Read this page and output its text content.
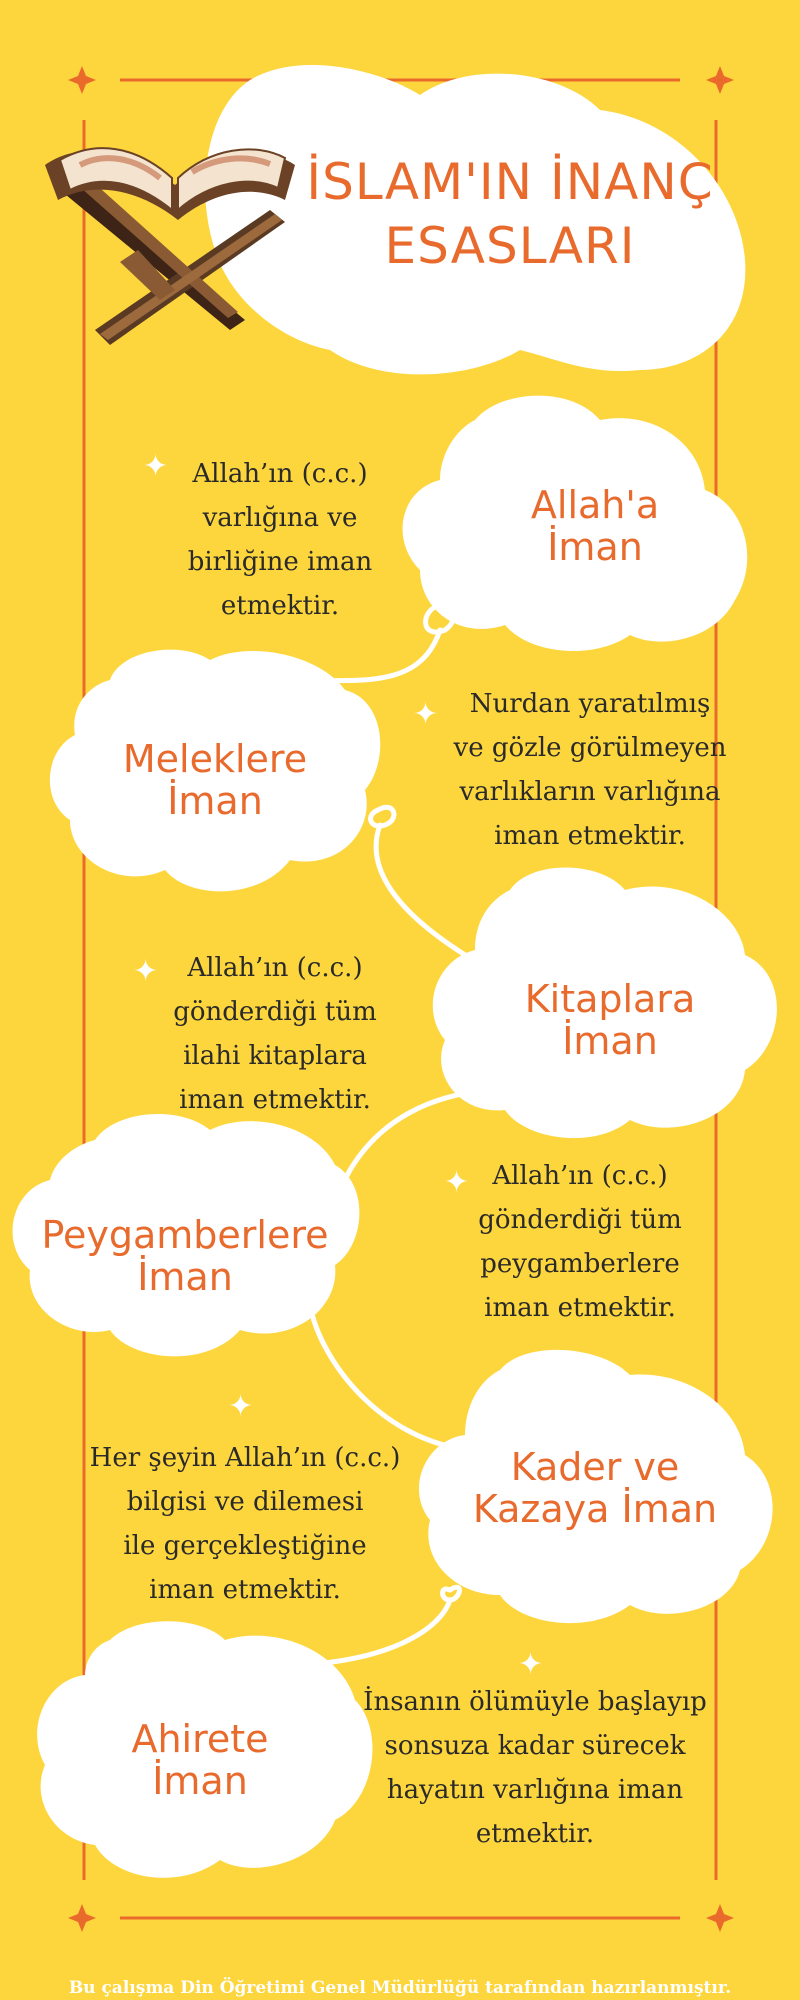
İSLAM'IN İNANÇ
ESASLARI
Allah'a
İman
✦ Allah’ın (c.c.)
varlığına ve
birliğine iman
etmektir.
Meleklere
İman
✦	Nurdan yaratılmış
ve gözle görülmeyen
varlıkların varlığına
iman etmektir.
Kitaplara
İman
✦	Allah’ın (c.c.)
gönderdiği tüm
ilahi kitaplara
iman etmektir.
Peygamberlere
İman
✦ Allah’ın (c.c.)
gönderdiği tüm
peygamberlere
iman etmektir.
Kader ve
Kazaya İman
✦
Her şeyin Allah’ın (c.c.)
bilgisi ve dilemesi
ile gerçekleştiğine
iman etmektir.
Ahirete
İman
✦
İnsanın ölümüyle başlayıp
sonsuza kadar sürecek
hayatın varlığına iman
etmektir.
Bu çalışma Din Öğretimi Genel Müdürlüğü tarafından hazırlanmıştır.
